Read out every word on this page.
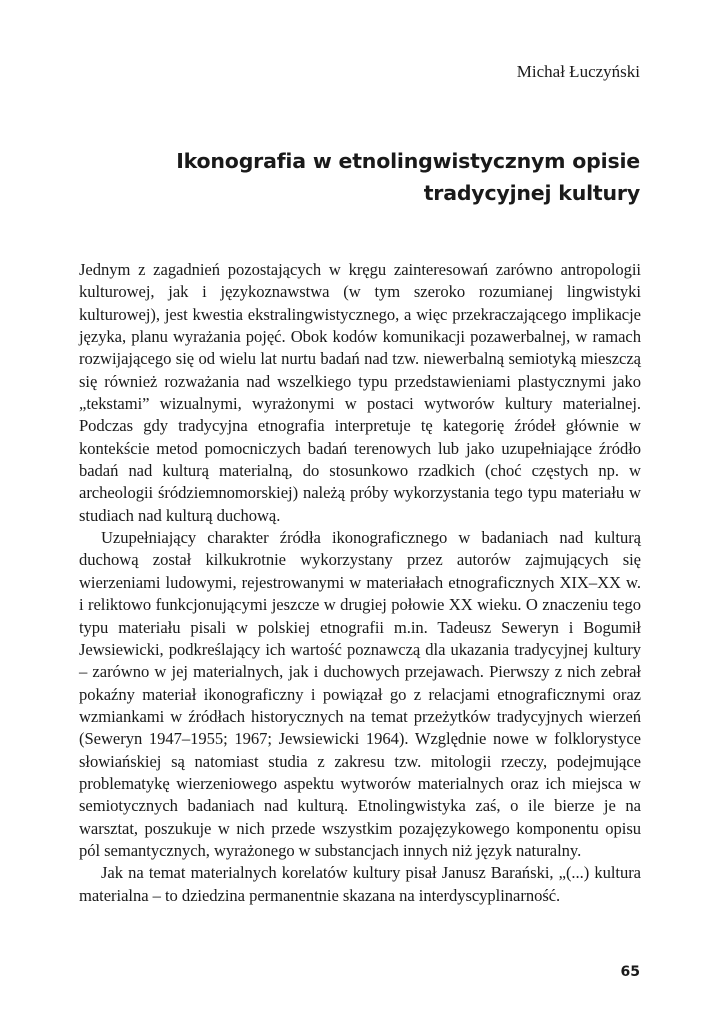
Michał Łuczyński
Ikonografia w etnolingwistycznym opisie tradycyjnej kultury

Jednym z zagadnień pozostających w kręgu zainteresowań zarówno antropologii kulturowej, jak i językoznawstwa (w tym szeroko rozumianej lingwistyki kulturowej), jest kwestia ekstralingwistycznego, a więc przekraczającego implikacje języka, planu wyrażania pojęć. Obok kodów komunikacji pozawerbalnej, w ramach rozwijającego się od wielu lat nurtu badań nad tzw. niewerbalną semiotyką mieszczą się również rozważania nad wszelkiego typu przedstawieniami plastycznymi jako „tekstami” wizualnymi, wyrażonymi w postaci wytworów kultury materialnej. Podczas gdy tradycyjna etnografia interpretuje tę kategorię źródeł głównie w kontekście metod pomocniczych badań terenowych lub jako uzupełniające źródło badań nad kulturą materialną, do stosunkowo rzadkich (choć częstych np. w archeologii śródziemnomorskiej) należą próby wykorzystania tego typu materiału w studiach nad kulturą duchową.

Uzupełniający charakter źródła ikonograficznego w badaniach nad kulturą duchową został kilkukrotnie wykorzystany przez autorów zajmujących się wierzeniami ludowymi, rejestrowanymi w materiałach etnograficznych XIX–XX w. i reliktowo funkcjonującymi jeszcze w drugiej połowie XX wieku. O znaczeniu tego typu materiału pisali w polskiej etnografii m.in. Tadeusz Seweryn i Bogumił Jewsiewicki, podkreślający ich wartość poznawczą dla ukazania tradycyjnej kultury – zarówno w jej materialnych, jak i duchowych przejawach. Pierwszy z nich zebrał pokaźny materiał ikonograficzny i powiązał go z relacjami etnograficznymi oraz wzmiankami w źródłach historycznych na temat przeżytków tradycyjnych wierzeń (Seweryn 1947–1955; 1967; Jewsiewicki 1964). Względnie nowe w folklorystyce słowiańskiej są natomiast studia z zakresu tzw. mitologii rzeczy, podejmujące problematykę wierzeniowego aspektu wytworów materialnych oraz ich miejsca w semiotycznych badaniach nad kulturą. Etnolingwistyka zaś, o ile bierze je na warsztat, poszukuje w nich przede wszystkim pozajęzykowego komponentu opisu pól semantycznych, wyrażonego w substancjach innych niż język naturalny.

Jak na temat materialnych korelatów kultury pisał Janusz Barański, „(...) kultura materialna – to dziedzina permanentnie skazana na interdyscyplinarność.

65
